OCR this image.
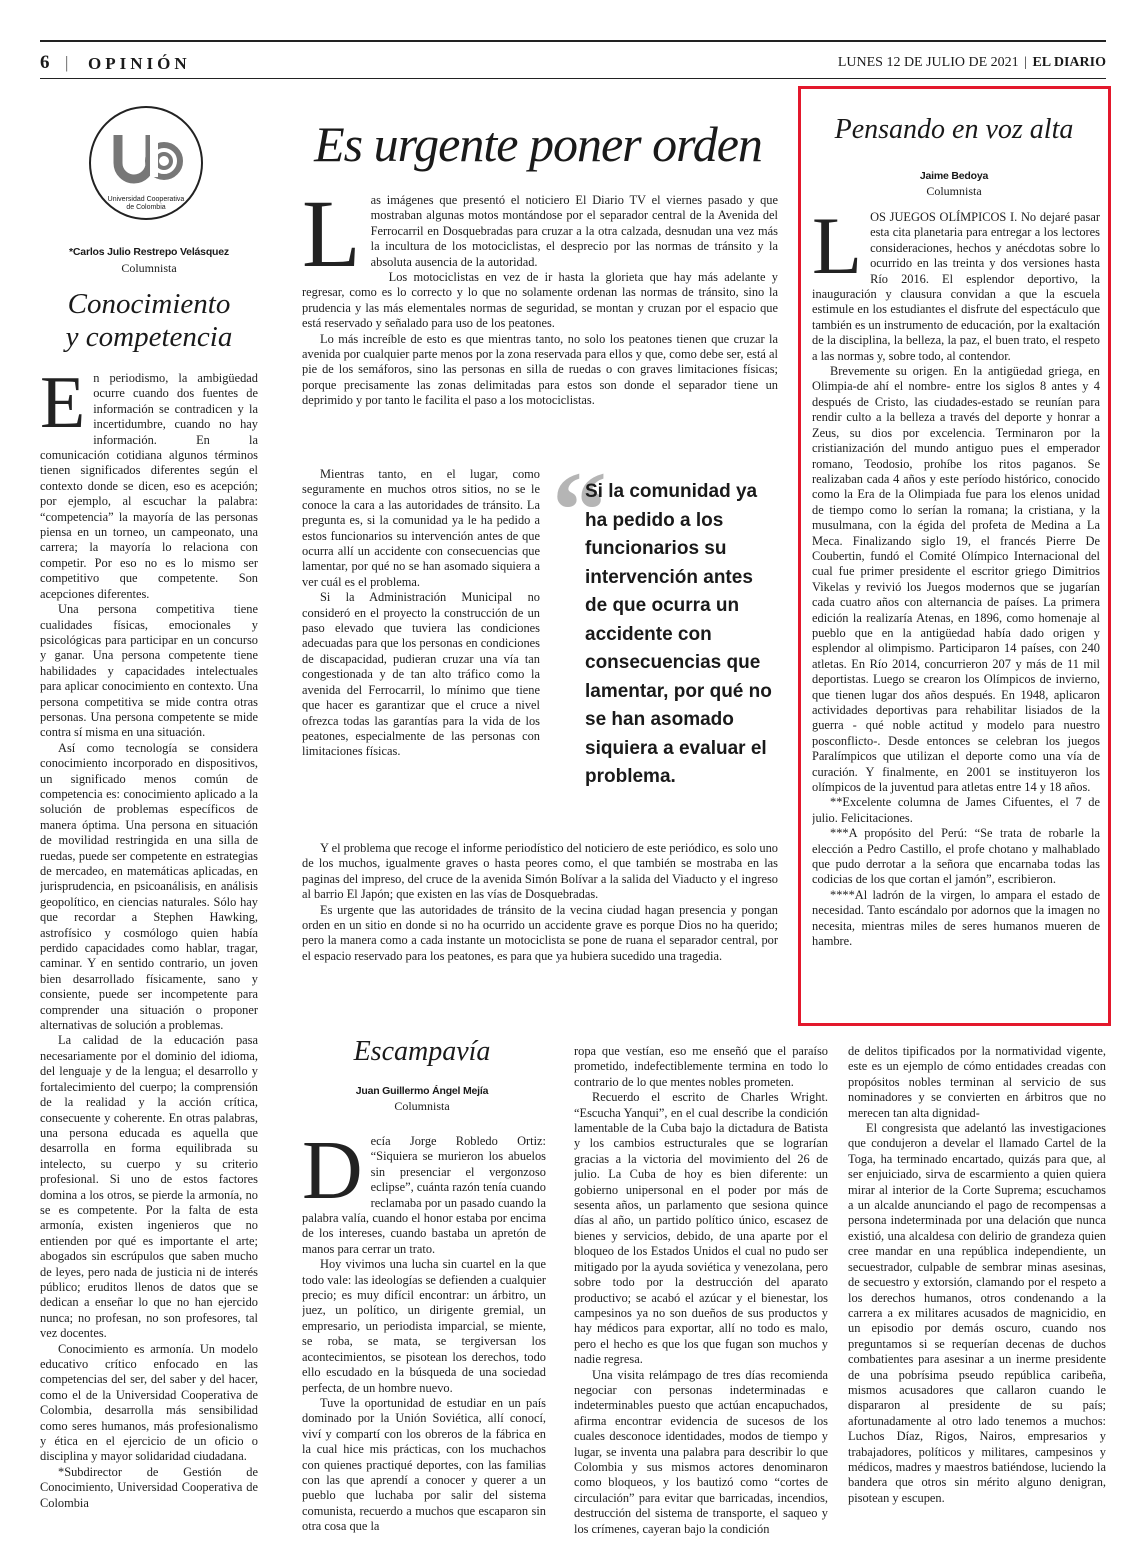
6 | OPINIÓN	LUNES 12 DE JULIO DE 2021 | EL DIARIO
Universidad Cooperativa
de Colombia
*Carlos Julio Restrepo Velásquez
Columnista
Conocimiento
y competencia
E n periodismo, la ambigüedad ocurre cuando dos fuentes de información se contradicen y la incertidumbre, cuando no hay información. En la comunicación cotidiana algunos términos tienen significados diferentes según el contexto donde se dicen, eso es acepción; por ejemplo, al escuchar la palabra: “competencia” la mayoría de las personas piensa en un torneo, un campeonato, una carrera; la mayoría lo relaciona con competir. Por eso no es lo mismo ser competitivo que competente. Son acepciones diferentes.

Una persona competitiva tiene cualidades físicas, emocionales y psicológicas para participar en un concurso y ganar. Una persona competente tiene habilidades y capacidades intelectuales para aplicar conocimiento en contexto. Una persona competitiva se mide contra otras personas. Una persona competente se mide contra sí misma en una situación.

Así como tecnología se considera conocimiento incorporado en dispositivos, un significado menos común de competencia es: conocimiento aplicado a la solución de problemas específicos de manera óptima. Una persona en situación de movilidad restringida en una silla de ruedas, puede ser competente en estrategias de mercadeo, en matemáticas aplicadas, en jurisprudencia, en psicoanálisis, en análisis geopolítico, en ciencias naturales. Sólo hay que recordar a Stephen Hawking, astrofísico y cosmólogo quien había perdido capacidades como hablar, tragar, caminar. Y en sentido contrario, un joven bien desarrollado físicamente, sano y consiente, puede ser incompetente para comprender una situación o proponer alternativas de solución a problemas.

La calidad de la educación pasa necesariamente por el dominio del idioma, del lenguaje y de la lengua; el desarrollo y fortalecimiento del cuerpo; la comprensión de la realidad y la acción crítica, consecuente y coherente. En otras palabras, una persona educada es aquella que desarrolla en forma equilibrada su intelecto, su cuerpo y su criterio profesional. Si uno de estos factores domina a los otros, se pierde la armonía, no se es competente. Por la falta de esta armonía, existen ingenieros que no entienden por qué es importante el arte; abogados sin escrúpulos que saben mucho de leyes, pero nada de justicia ni de interés público; eruditos llenos de datos que se dedican a enseñar lo que no han ejercido nunca; no profesan, no son profesores, tal vez docentes.

Conocimiento es armonía. Un modelo educativo crítico enfocado en las competencias del ser, del saber y del hacer, como el de la Universidad Cooperativa de Colombia, desarrolla más sensibilidad como seres humanos, más profesionalismo y ética en el ejercicio de un oficio o disciplina y mayor solidaridad ciudadana.

*Subdirector de Gestión de Conocimiento, Universidad Cooperativa de Colombia

Es urgente poner orden
L as imágenes que presentó el noticiero El Diario TV el viernes pasado y que mostraban algunas motos montándose por el separador central de la Avenida del Ferrocarril en Dosquebradas para cruzar a la otra calzada, desnudan una vez más la incultura de los motociclistas, el desprecio por las normas de tránsito y la absoluta ausencia de la autoridad.

Los motociclistas en vez de ir hasta la glorieta que hay más adelante y regresar, como es lo correcto y lo que no solamente ordenan las normas de tránsito, sino la prudencia y las más elementales normas de seguridad, se montan y cruzan por el espacio que está reservado y señalado para uso de los peatones.

Lo más increíble de esto es que mientras tanto, no solo los peatones tienen que cruzar la avenida por cualquier parte menos por la zona reservada para ellos y que, como debe ser, está al pie de los semáforos, sino las personas en silla de ruedas o con graves limitaciones físicas; porque precisamente las zonas delimitadas para estos son donde el separador tiene un deprimido y por tanto le facilita el paso a los motociclistas.

Mientras tanto, en el lugar, como seguramente en muchos otros sitios, no se le conoce la cara a las autoridades de tránsito. La pregunta es, si la comunidad ya le ha pedido a estos funcionarios su intervención antes de que ocurra allí un accidente con consecuencias que lamentar, por qué no se han asomado siquiera a ver cuál es el problema.

Si la Administración Municipal no consideró en el proyecto la construcción de un paso elevado que tuviera las condiciones adecuadas para que los personas en condiciones de discapacidad, pudieran cruzar una vía tan congestionada y de tan alto tráfico como la avenida del Ferrocarril, lo mínimo que tiene que hacer es garantizar que el cruce a nivel ofrezca todas las garantías para la vida de los peatones, especialmente de las personas con limitaciones físicas.

“
Si la comunidad ya ha pedido a los funcionarios su intervención antes de que ocurra un accidente con consecuencias que lamentar, por qué no se han asomado siquiera a evaluar el problema.

Y el problema que recoge el informe periodístico del noticiero de este periódico, es solo uno de los muchos, igualmente graves o hasta peores como, el que también se mostraba en las paginas del impreso, del cruce de la avenida Simón Bolívar a la salida del Viaducto y el ingreso al barrio El Japón; que existen en las vías de Dosquebradas.

Es urgente que las autoridades de tránsito de la vecina ciudad hagan presencia y pongan orden en un sitio en donde si no ha ocurrido un accidente grave es porque Dios no ha querido; pero la manera como a cada instante un motociclista se pone de ruana el separador central, por el espacio reservado para los peatones, es para que ya hubiera sucedido una tragedia.

Pensando en voz alta
Jaime Bedoya
Columnista
L OS JUEGOS OLÍMPICOS I. No dejaré pasar esta cita planetaria para entregar a los lectores consideraciones, hechos y anécdotas sobre lo ocurrido en las treinta y dos versiones hasta Río 2016. El esplendor deportivo, la inauguración y clausura convidan a que la escuela estimule en los estudiantes el disfrute del espectáculo que también es un instrumento de educación, por la exaltación de la disciplina, la belleza, la paz, el buen trato, el respeto a las normas y, sobre todo, al contendor.

Brevemente su origen. En la antigüedad griega, en Olimpia-de ahí el nombre- entre los siglos 8 antes y 4 después de Cristo, las ciudades-estado se reunían para rendir culto a la belleza a través del deporte y honrar a Zeus, su dios por excelencia. Terminaron por la cristianización del mundo antiguo pues el emperador romano, Teodosio, prohíbe los ritos paganos. Se realizaban cada 4 años y este período histórico, conocido como la Era de la Olimpiada fue para los elenos unidad de tiempo como lo serían la romana; la cristiana, y la musulmana, con la égida del profeta de Medina a La Meca. Finalizando siglo 19, el francés Pierre De Coubertin, fundó el Comité Olímpico Internacional del cual fue primer presidente el escritor griego Dimitrios Vikelas y revivió los Juegos modernos que se jugarían cada cuatro años con alternancia de países. La primera edición la realizaría Atenas, en 1896, como homenaje al pueblo que en la antigüedad había dado origen y esplendor al olimpismo. Participaron 14 países, con 240 atletas. En Río 2014, concurrieron 207 y más de 11 mil deportistas. Luego se crearon los Olímpicos de invierno, que tienen lugar dos años después. En 1948, aplicaron actividades deportivas para rehabilitar lisiados de la guerra - qué noble actitud y modelo para nuestro posconflicto-. Desde entonces se celebran los juegos Paralímpicos que utilizan el deporte como una vía de curación. Y finalmente, en 2001 se instituyeron los olímpicos de la juventud para atletas entre 14 y 18 años.

**Excelente columna de James Cifuentes, el 7 de julio. Felicitaciones.

***A propósito del Perú: “Se trata de robarle la elección a Pedro Castillo, el profe chotano y malhablado que pudo derrotar a la señora que encarnaba todas las codicias de los que cortan el jamón”, escribieron.

****Al ladrón de la virgen, lo ampara el estado de necesidad. Tanto escándalo por adornos que la imagen no necesita, mientras miles de seres humanos mueren de hambre.

Escampavía
Juan Guillermo Ángel Mejía
Columnista
D ecía Jorge Robledo Ortiz: “Siquiera se murieron los abuelos sin presenciar el vergonzoso eclipse”, cuánta razón tenía cuando reclamaba por un pasado cuando la palabra valía, cuando el honor estaba por encima de los intereses, cuando bastaba un apretón de manos para cerrar un trato.

Hoy vivimos una lucha sin cuartel en la que todo vale: las ideologías se defienden a cualquier precio; es muy difícil encontrar: un árbitro, un juez, un político, un dirigente gremial, un empresario, un periodista imparcial, se miente, se roba, se mata, se tergiversan los acontecimientos, se pisotean los derechos, todo ello escudado en la búsqueda de una sociedad perfecta, de un hombre nuevo.

Tuve la oportunidad de estudiar en un país dominado por la Unión Soviética, allí conocí, viví y compartí con los obreros de la fábrica en la cual hice mis prácticas, con los muchachos con quienes practiqué deportes, con las familias con las que aprendí a conocer y querer a un pueblo que luchaba por salir del sistema comunista, recuerdo a muchos que escaparon sin otra cosa que la

ropa que vestían, eso me enseñó que el paraíso prometido, indefectiblemente termina en todo lo contrario de lo que mentes nobles prometen.

Recuerdo el escrito de Charles Wright. “Escucha Yanqui”, en el cual describe la condición lamentable de la Cuba bajo la dictadura de Batista y los cambios estructurales que se lograrían gracias a la victoria del movimiento del 26 de julio. La Cuba de hoy es bien diferente: un gobierno unipersonal en el poder por más de sesenta años, un parlamento que sesiona quince días al año, un partido político único, escasez de bienes y servicios, debido, de una aparte por el bloqueo de los Estados Unidos el cual no pudo ser mitigado por la ayuda soviética y venezolana, pero sobre todo por la destrucción del aparato productivo; se acabó el azúcar y el bienestar, los campesinos ya no son dueños de sus productos y hay médicos para exportar, allí no todo es malo, pero el hecho es que los que fugan son muchos y nadie regresa.

Una visita relámpago de tres días recomienda negociar con personas indeterminadas e indeterminables puesto que actúan encapuchados, afirma encontrar evidencia de sucesos de los cuales desconoce identidades, modos de tiempo y lugar, se inventa una palabra para describir lo que Colombia y sus mismos actores denominaron como bloqueos, y los bautizó como “cortes de circulación” para evitar que barricadas, incendios, destrucción del sistema de transporte, el saqueo y los crímenes, cayeran bajo la condición

de delitos tipificados por la normatividad vigente, este es un ejemplo de cómo entidades creadas con propósitos nobles terminan al servicio de sus nominadores y se convierten en árbitros que no merecen tan alta dignidad-

El congresista que adelantó las investigaciones que condujeron a develar el llamado Cartel de la Toga, ha terminado encartado, quizás para que, al ser enjuiciado, sirva de escarmiento a quien quiera mirar al interior de la Corte Suprema; escuchamos a un alcalde anunciando el pago de recompensas a persona indeterminada por una delación que nunca existió, una alcaldesa con delirio de grandeza quien cree mandar en una república independiente, un secuestrador, culpable de sembrar minas asesinas, de secuestro y extorsión, clamando por el respeto a los derechos humanos, otros condenando a la carrera a ex militares acusados de magnicidio, en un episodio por demás oscuro, cuando nos preguntamos si se requerían decenas de duchos combatientes para asesinar a un inerme presidente de una pobrísima pseudo república caribeña, mismos acusadores que callaron cuando le dispararon al presidente de su país; afortunadamente al otro lado tenemos a muchos: Luchos Díaz, Rigos, Nairos, empresarios y trabajadores, políticos y militares, campesinos y médicos, madres y maestros batiéndose, luciendo la bandera que otros sin mérito alguno denigran, pisotean y escupen.
